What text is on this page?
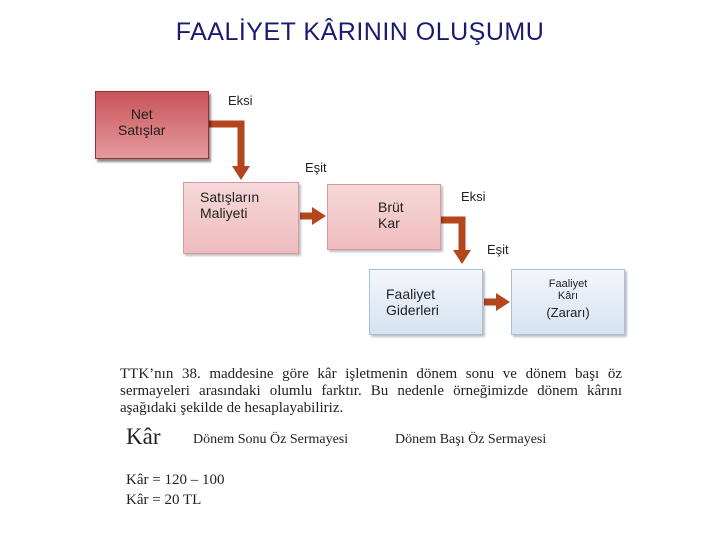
FAALİYET KÂRININ OLUŞUMU
Net
Satışlar
Eksi
Eşit
Satışların
Maliyeti	Brüt
Kar
Eksi
Eşit
Faaliyet
Giderleri
Faaliyet
Kârı
(Zararı)
TTK’nın 38. maddesine göre kâr işletmenin dönem sonu ve dönem başı öz sermayeleri arasındaki olumlu farktır. Bu nedenle örneğimizde dönem kârını aşağıdaki şekilde de hesaplayabiliriz.
Kâr Dönem Sonu Öz Sermayesi	Dönem Başı Öz Sermayesi
Kâr = 120 – 100
Kâr = 20 TL
